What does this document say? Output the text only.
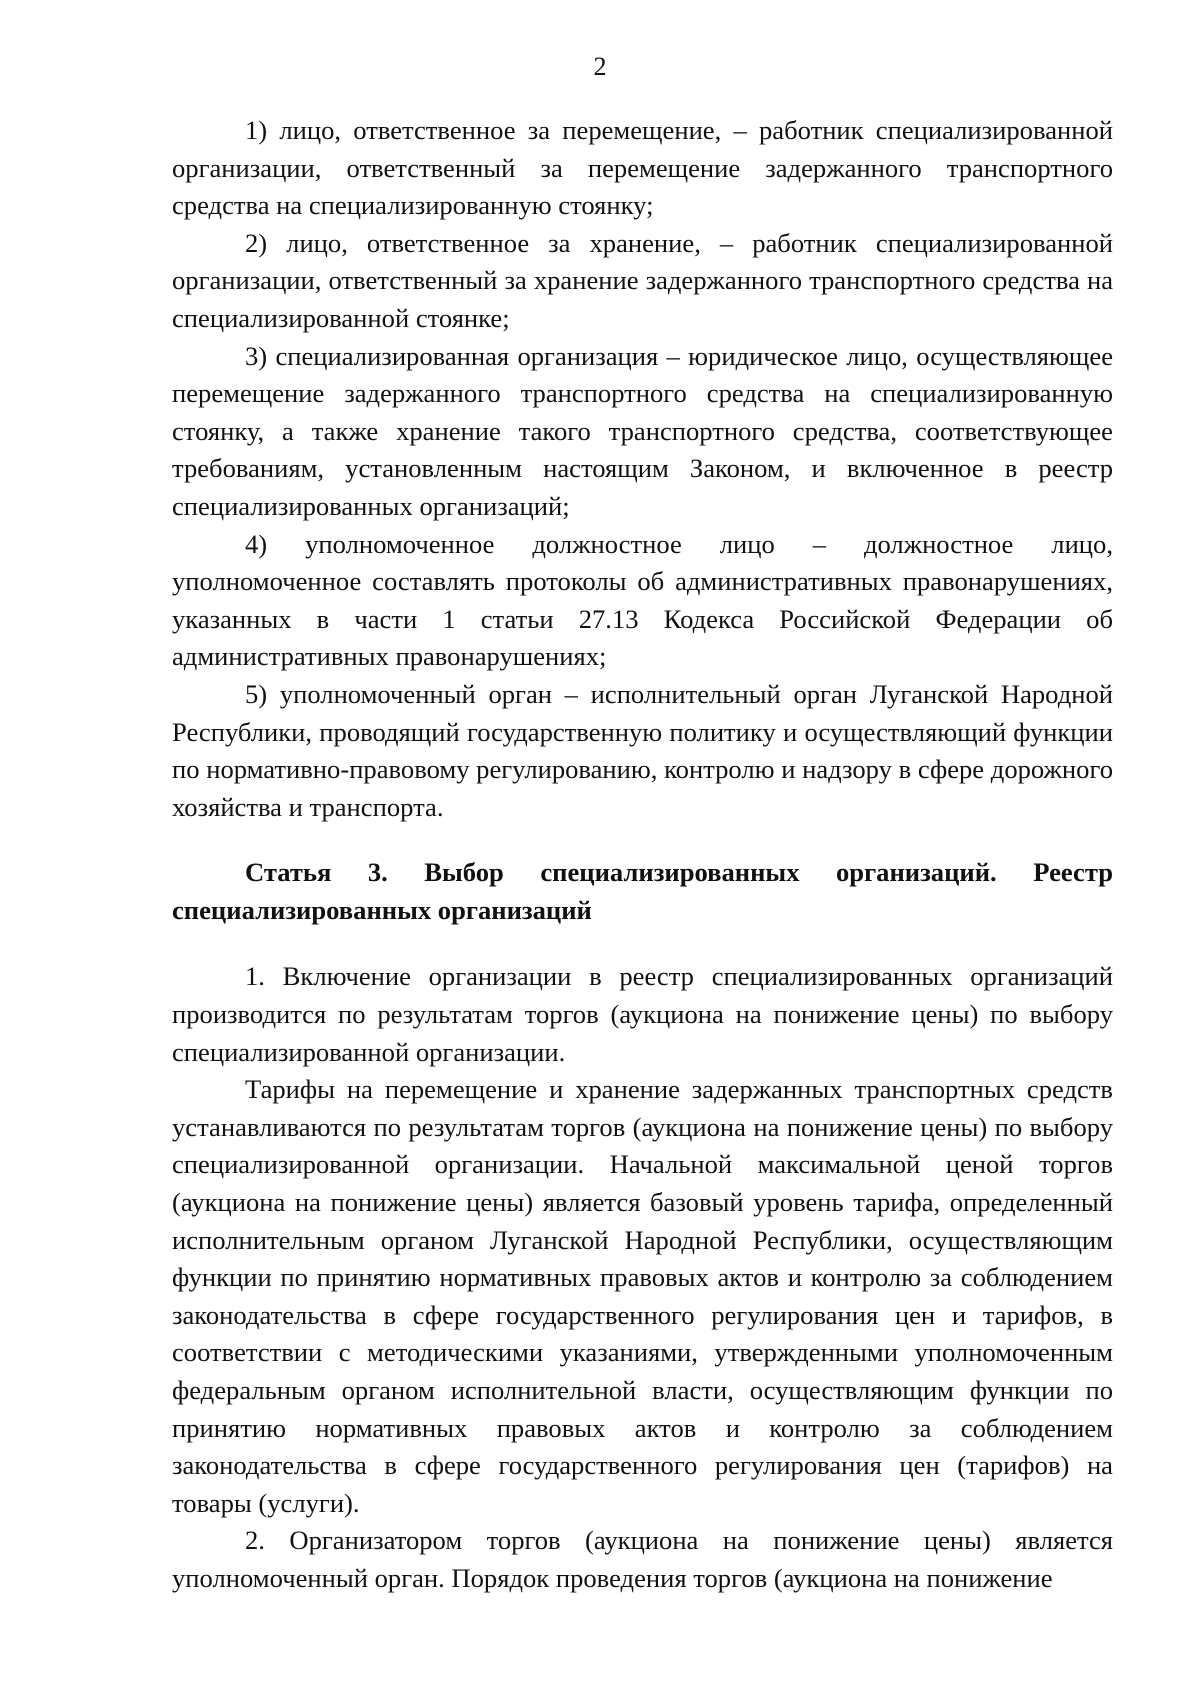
2

1) лицо, ответственное за перемещение, – работник специализированной организации, ответственный за перемещение задержанного транспортного средства на специализированную стоянку;

2) лицо, ответственное за хранение, – работник специализированной организации, ответственный за хранение задержанного транспортного средства на специализированной стоянке;

3) специализированная организация – юридическое лицо, осуществляющее перемещение задержанного транспортного средства на специализированную стоянку, а также хранение такого транспортного средства, соответствующее требованиям, установленным настоящим Законом, и включенное в реестр специализированных организаций;

4) уполномоченное должностное лицо – должностное лицо, уполномоченное составлять протоколы об административных правонарушениях, указанных в части 1 статьи 27.13 Кодекса Российской Федерации об административных правонарушениях;

5) уполномоченный орган – исполнительный орган Луганской Народной Республики, проводящий государственную политику и осуществляющий функции по нормативно-правовому регулированию, контролю и надзору в сфере дорожного хозяйства и транспорта.

Статья 3. Выбор специализированных организаций. Реестр специализированных организаций

1. Включение организации в реестр специализированных организаций производится по результатам торгов (аукциона на понижение цены) по выбору специализированной организации.

Тарифы на перемещение и хранение задержанных транспортных средств устанавливаются по результатам торгов (аукциона на понижение цены) по выбору специализированной организации. Начальной максимальной ценой торгов (аукциона на понижение цены) является базовый уровень тарифа, определенный исполнительным органом Луганской Народной Республики, осуществляющим функции по принятию нормативных правовых актов и контролю за соблюдением законодательства в сфере государственного регулирования цен и тарифов, в соответствии с методическими указаниями, утвержденными уполномоченным федеральным органом исполнительной власти, осуществляющим функции по принятию нормативных правовых актов и контролю за соблюдением законодательства в сфере государственного регулирования цен (тарифов) на товары (услуги).

2. Организатором торгов (аукциона на понижение цены) является уполномоченный орган. Порядок проведения торгов (аукциона на понижение
